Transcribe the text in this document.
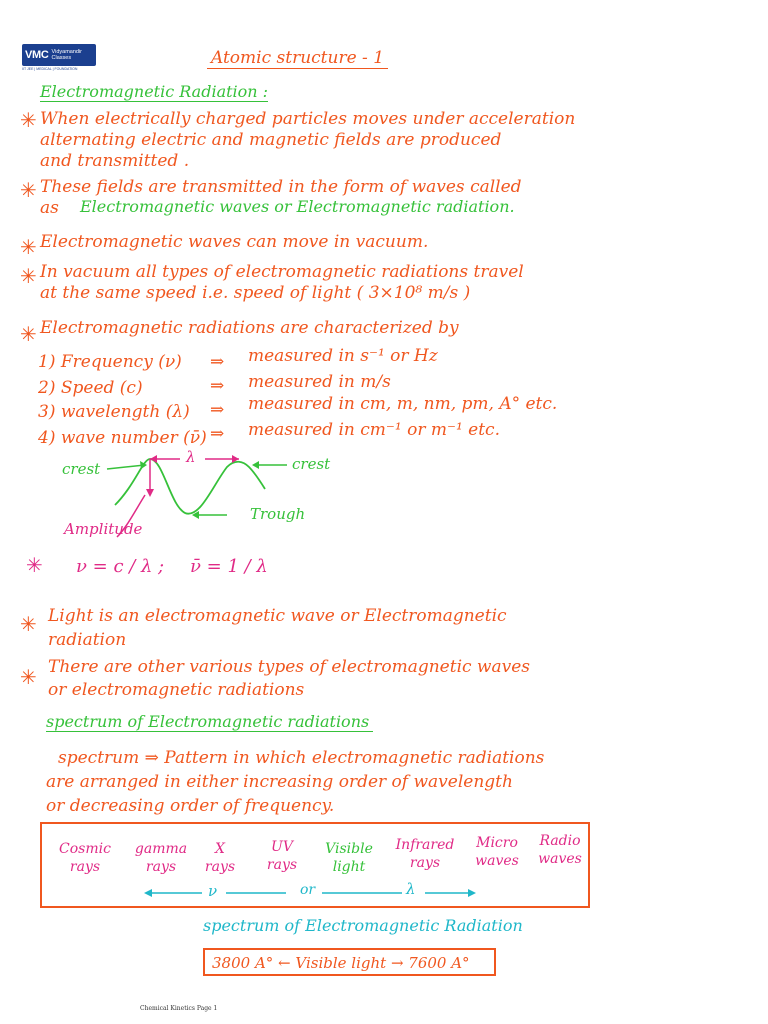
VMC Vidyamandir Classes
IIT JEE | MEDICAL | FOUNDATION
Atomic structure - 1
Electromagnetic Radiation :
✳ When electrically charged particles moves under acceleration
alternating electric and magnetic fields are produced
and transmitted .
✳ These fields are transmitted in the form of waves called
as Electromagnetic waves or Electromagnetic radiation.
✳ Electromagnetic waves can move in vacuum.
✳ In vacuum all types of electromagnetic radiations travel
at the same speed i.e. speed of light ( 3×10⁸ m/s )
✳ Electromagnetic radiations are characterized by
1) Frequency (ν) ⇒ measured in s⁻¹ or Hz
2) Speed (c)	⇒ measured in m/s
3) wavelength (λ) ⇒ measured in cm, m, nm, pm, A° etc.
4) wave number (ν̄) ⇒ measured in cm⁻¹ or m⁻¹ etc.
crest	crest
λ
Trough
Amplitude
✳ ν = c / λ ; ν̄ = 1 / λ
✳ Light is an electromagnetic wave or Electromagnetic
radiation
✳ There are other various types of electromagnetic waves
or electromagnetic radiations
spectrum of Electromagnetic radiations
spectrum ⇒ Pattern in which electromagnetic radiations
are arranged in either increasing order of wavelength
or decreasing order of frequency.
Cosmic
rays
gamma
rays
X
rays
UV
rays
Visible
light
Infrared
rays
Micro
waves
Radio
waves
ν	or	λ
spectrum of Electromagnetic Radiation
3800 A° ← Visible light → 7600 A°
Chemical Kinetics Page 1
